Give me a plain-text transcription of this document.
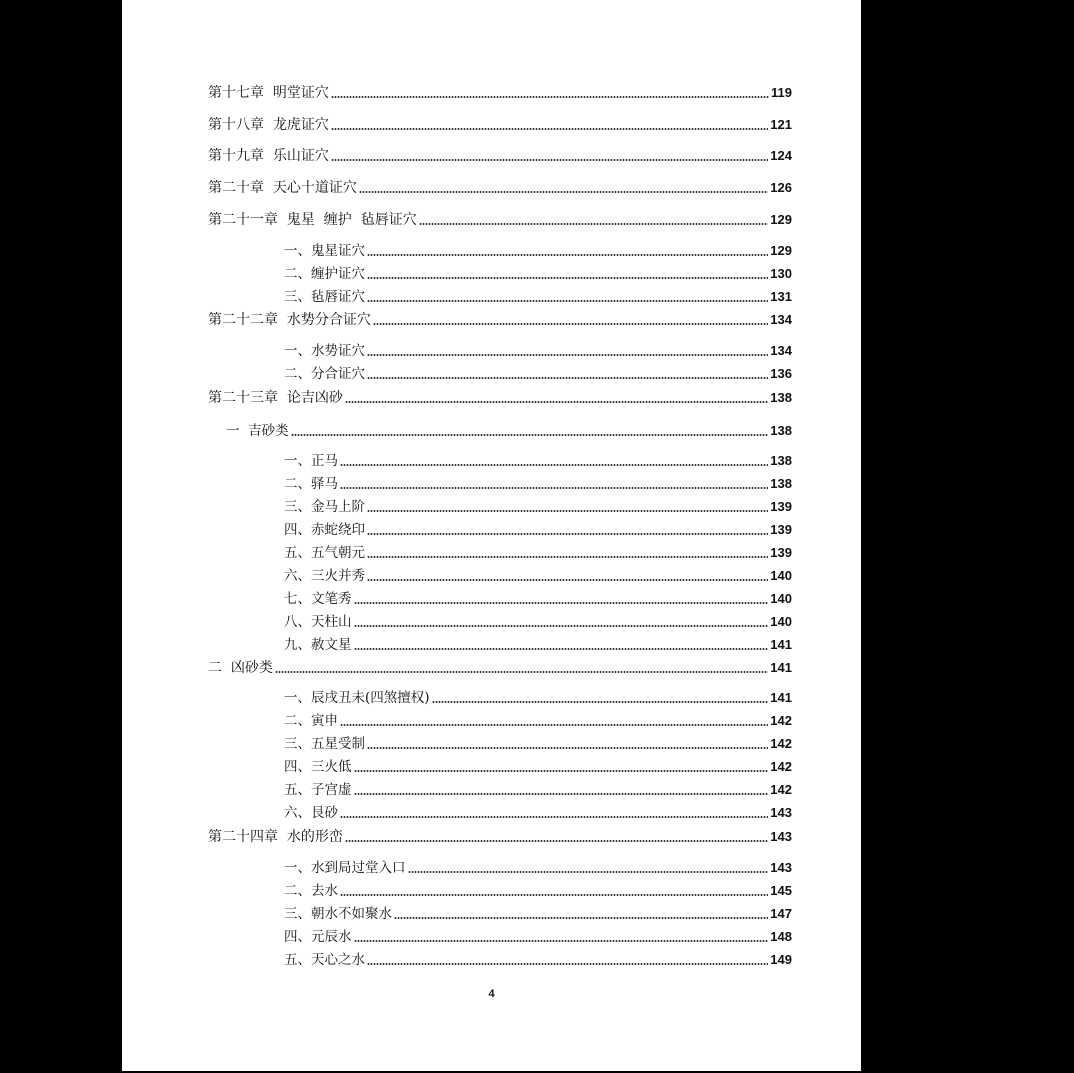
第十七章  明堂证穴	119
第十八章  龙虎证穴	121
第十九章  乐山证穴	124
第二十章  天心十道证穴	126
第二十一章  鬼星  缠护  毡唇证穴	129
一、鬼星证穴	129
二、缠护证穴	130
三、毡唇证穴	131
第二十二章  水势分合证穴	134
一、水势证穴	134
二、分合证穴	136
第二十三章  论吉凶砂	138
一  吉砂类	138
一、正马	138
二、驿马	138
三、金马上阶	139
四、赤蛇绕印	139
五、五气朝元	139
六、三火并秀	140
七、文笔秀	140
八、天柱山	140
九、赦文星	141
二  凶砂类	141
一、辰戌丑未(四煞擅权)	141
二、寅申	142
三、五星受制	142
四、三火低	142
五、子宫虚	142
六、艮砂	143
第二十四章  水的形峦	143
一、水到局过堂入口	143
二、去水	145
三、朝水不如聚水	147
四、元辰水	148
五、天心之水	149
4
